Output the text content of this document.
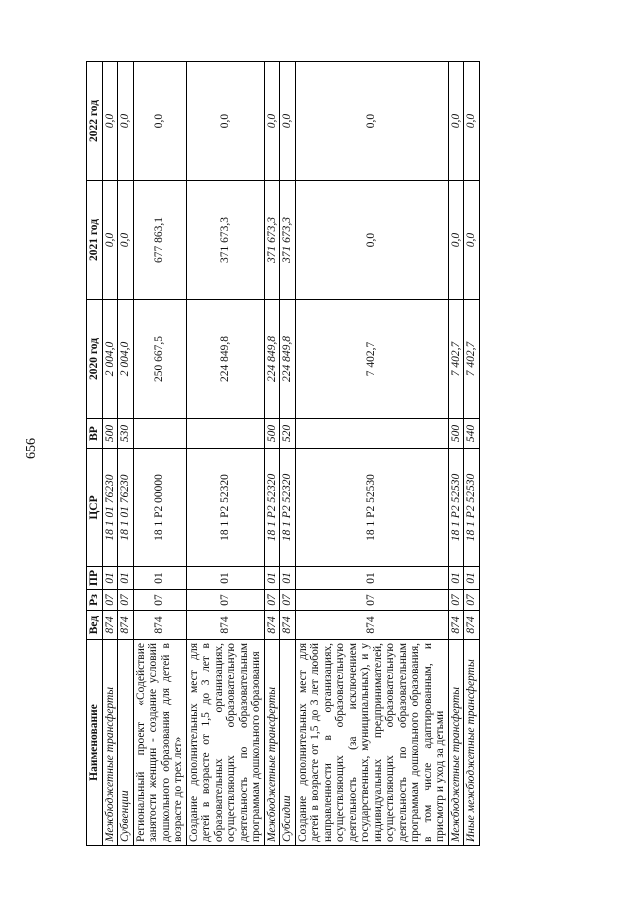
656
Наименование	Вед	Рз	ПР	ЦСР	ВР	2020 год	2021 год	2022 год
Межбюджетные трансферты	874	07	01	18 1 01 76230	500	2 004,0	0,0	0,0
Субвенции	874	07	01	18 1 01 76230	530	2 004,0	0,0	0,0
Региональный проект «Содействие занятости женщин - создание условий дошкольного образования для детей в возрасте до трех лет»	874	07	01	18 1 P2 00000		250 667,5	677 863,1	0,0
Создание дополнительных мест для детей в возрасте от 1,5 до 3 лет в образовательных организациях, осуществляющих образовательную деятельность по образовательным программам дошкольного образования	874	07	01	18 1 P2 52320		224 849,8	371 673,3	0,0
Межбюджетные трансферты	874	07	01	18 1 P2 52320	500	224 849,8	371 673,3	0,0
Субсидии	874	07	01	18 1 P2 52320	520	224 849,8	371 673,3	0,0
Создание дополнительных мест для детей в возрасте от 1,5 до 3 лет любой направленности в организациях, осуществляющих образовательную деятельность (за исключением государственных, муниципальных), и у индивидуальных предпринимателей, осуществляющих образовательную деятельность по образовательным программам дошкольного образования, в том числе адаптированным, и присмотр и уход за детьми	874	07	01	18 1 P2 52530		7 402,7	0,0	0,0
Межбюджетные трансферты	874	07	01	18 1 P2 52530	500	7 402,7	0,0	0,0
Иные межбюджетные трансферты	874	07	01	18 1 P2 52530	540	7 402,7	0,0	0,0
